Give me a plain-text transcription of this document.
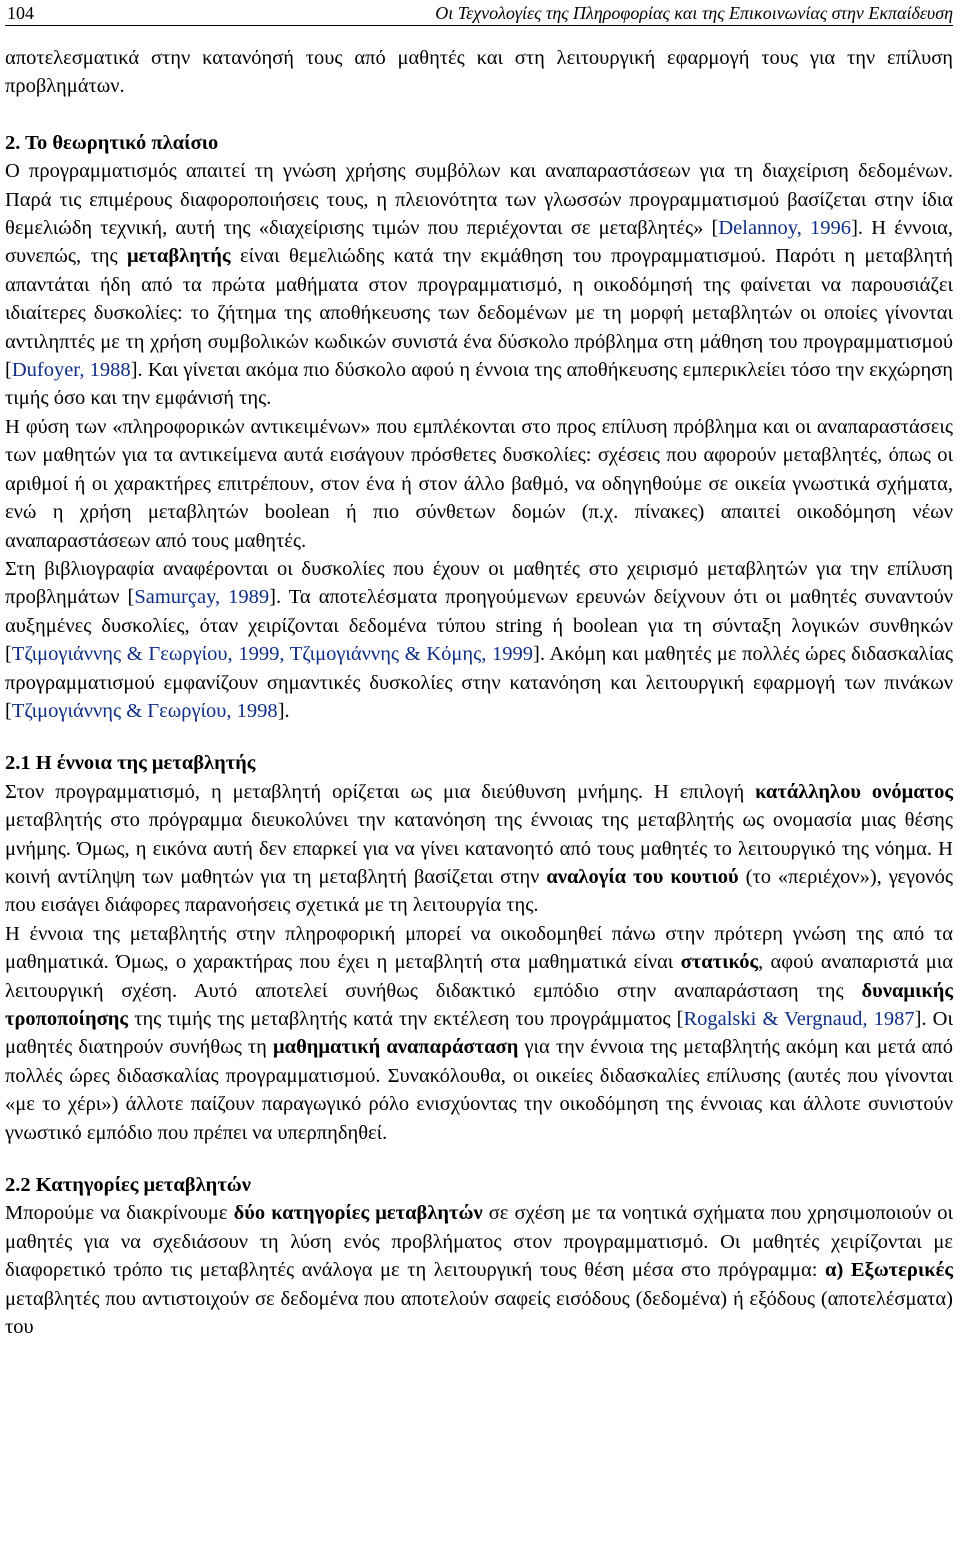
104	Οι Τεχνολογίες της Πληροφορίας και της Επικοινωνίας στην Εκπαίδευση

αποτελεσματικά στην κατανόησή τους από μαθητές και στη λειτουργική εφαρμογή τους για την επίλυση προβλημάτων.

2. Το θεωρητικό πλαίσιο

Ο προγραμματισμός απαιτεί τη γνώση χρήσης συμβόλων και αναπαραστάσεων για τη διαχείριση δεδομένων. Παρά τις επιμέρους διαφοροποιήσεις τους, η πλειονότητα των γλωσσών προγραμματισμού βασίζεται στην ίδια θεμελιώδη τεχνική, αυτή της «διαχείρισης τιμών που περιέχονται σε μεταβλητές» [Delannoy, 1996]. Η έννοια, συνεπώς, της μεταβλητής είναι θεμελιώδης κατά την εκμάθηση του προγραμματισμού. Παρότι η μεταβλητή απαντάται ήδη από τα πρώτα μαθήματα στον προγραμματισμό, η οικοδόμησή της φαίνεται να παρουσιάζει ιδιαίτερες δυσκολίες: το ζήτημα της αποθήκευσης των δεδομένων με τη μορφή μεταβλητών οι οποίες γίνονται αντιληπτές με τη χρήση συμβολικών κωδικών συνιστά ένα δύσκολο πρόβλημα στη μάθηση του προγραμματισμού [Dufoyer, 1988]. Και γίνεται ακόμα πιο δύσκολο αφού η έννοια της αποθήκευσης εμπερικλείει τόσο την εκχώρηση τιμής όσο και την εμφάνισή της.

Η φύση των «πληροφορικών αντικειμένων» που εμπλέκονται στο προς επίλυση πρόβλημα και οι αναπαραστάσεις των μαθητών για τα αντικείμενα αυτά εισάγουν πρόσθετες δυσκολίες: σχέσεις που αφορούν μεταβλητές, όπως οι αριθμοί ή οι χαρακτήρες επιτρέπουν, στον ένα ή στον άλλο βαθμό, να οδηγηθούμε σε οικεία γνωστικά σχήματα, ενώ η χρήση μεταβλητών boolean ή πιο σύνθετων δομών (π.χ. πίνακες) απαιτεί οικοδόμηση νέων αναπαραστάσεων από τους μαθητές.

Στη βιβλιογραφία αναφέρονται οι δυσκολίες που έχουν οι μαθητές στο χειρισμό μεταβλητών για την επίλυση προβλημάτων [Samurçay, 1989]. Τα αποτελέσματα προηγούμενων ερευνών δείχνουν ότι οι μαθητές συναντούν αυξημένες δυσκολίες, όταν χειρίζονται δεδομένα τύπου string ή boolean για τη σύνταξη λογικών συνθηκών [Τζιμογιάννης & Γεωργίου, 1999, Τζιμογιάννης & Κόμης, 1999]. Ακόμη και μαθητές με πολλές ώρες διδασκαλίας προγραμματισμού εμφανίζουν σημαντικές δυσκολίες στην κατανόηση και λειτουργική εφαρμογή των πινάκων [Τζιμογιάννης & Γεωργίου, 1998].

2.1 Η έννοια της μεταβλητής

Στον προγραμματισμό, η μεταβλητή ορίζεται ως μια διεύθυνση μνήμης. Η επιλογή κατάλληλου ονόματος μεταβλητής στο πρόγραμμα διευκολύνει την κατανόηση της έννοιας της μεταβλητής ως ονομασία μιας θέσης μνήμης. Όμως, η εικόνα αυτή δεν επαρκεί για να γίνει κατανοητό από τους μαθητές το λειτουργικό της νόημα. Η κοινή αντίληψη των μαθητών για τη μεταβλητή βασίζεται στην αναλογία του κουτιού (το «περιέχον»), γεγονός που εισάγει διάφορες παρανοήσεις σχετικά με τη λειτουργία της.

Η έννοια της μεταβλητής στην πληροφορική μπορεί να οικοδομηθεί πάνω στην πρότερη γνώση της από τα μαθηματικά. Όμως, ο χαρακτήρας που έχει η μεταβλητή στα μαθηματικά είναι στατικός, αφού αναπαριστά μια λειτουργική σχέση. Αυτό αποτελεί συνήθως διδακτικό εμπόδιο στην αναπαράσταση της δυναμικής τροποποίησης της τιμής της μεταβλητής κατά την εκτέλεση του προγράμματος [Rogalski & Vergnaud, 1987]. Οι μαθητές διατηρούν συνήθως τη μαθηματική αναπαράσταση για την έννοια της μεταβλητής ακόμη και μετά από πολλές ώρες διδασκαλίας προγραμματισμού. Συνακόλουθα, οι οικείες διδασκαλίες επίλυσης (αυτές που γίνονται «με το χέρι») άλλοτε παίζουν παραγωγικό ρόλο ενισχύοντας την οικοδόμηση της έννοιας και άλλοτε συνιστούν γνωστικό εμπόδιο που πρέπει να υπερπηδηθεί.

2.2 Κατηγορίες μεταβλητών

Μπορούμε να διακρίνουμε δύο κατηγορίες μεταβλητών σε σχέση με τα νοητικά σχήματα που χρησιμοποιούν οι μαθητές για να σχεδιάσουν τη λύση ενός προβλήματος στον προγραμματισμό. Οι μαθητές χειρίζονται με διαφορετικό τρόπο τις μεταβλητές ανάλογα με τη λειτουργική τους θέση μέσα στο πρόγραμμα: α) Εξωτερικές μεταβλητές που αντιστοιχούν σε δεδομένα που αποτελούν σαφείς εισόδους (δεδομένα) ή εξόδους (αποτελέσματα) του
